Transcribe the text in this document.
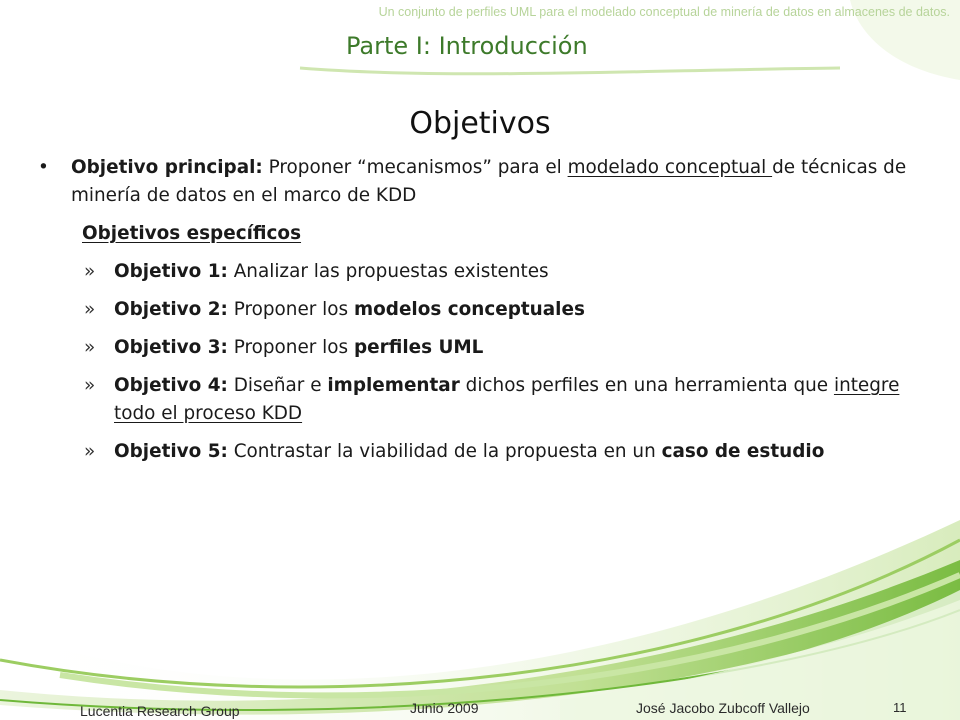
Un conjunto de perfiles UML para el modelado conceptual de minería de datos en almacenes de datos.
Parte I: Introducción
Objetivos
•	Objetivo principal: Proponer “mecanismos” para el modelado conceptual de técnicas de minería de datos en el marco de KDD
Objetivos específicos
» Objetivo 1: Analizar las propuestas existentes
» Objetivo 2: Proponer los modelos conceptuales
» Objetivo 3: Proponer los perfiles UML
» Objetivo 4: Diseñar e implementar dichos perfiles en una herramienta que integre todo el proceso KDD
» Objetivo 5: Contrastar la viabilidad de la propuesta en un caso de estudio
Lucentia Research Group	Junio 2009	José Jacobo Zubcoff Vallejo	11
